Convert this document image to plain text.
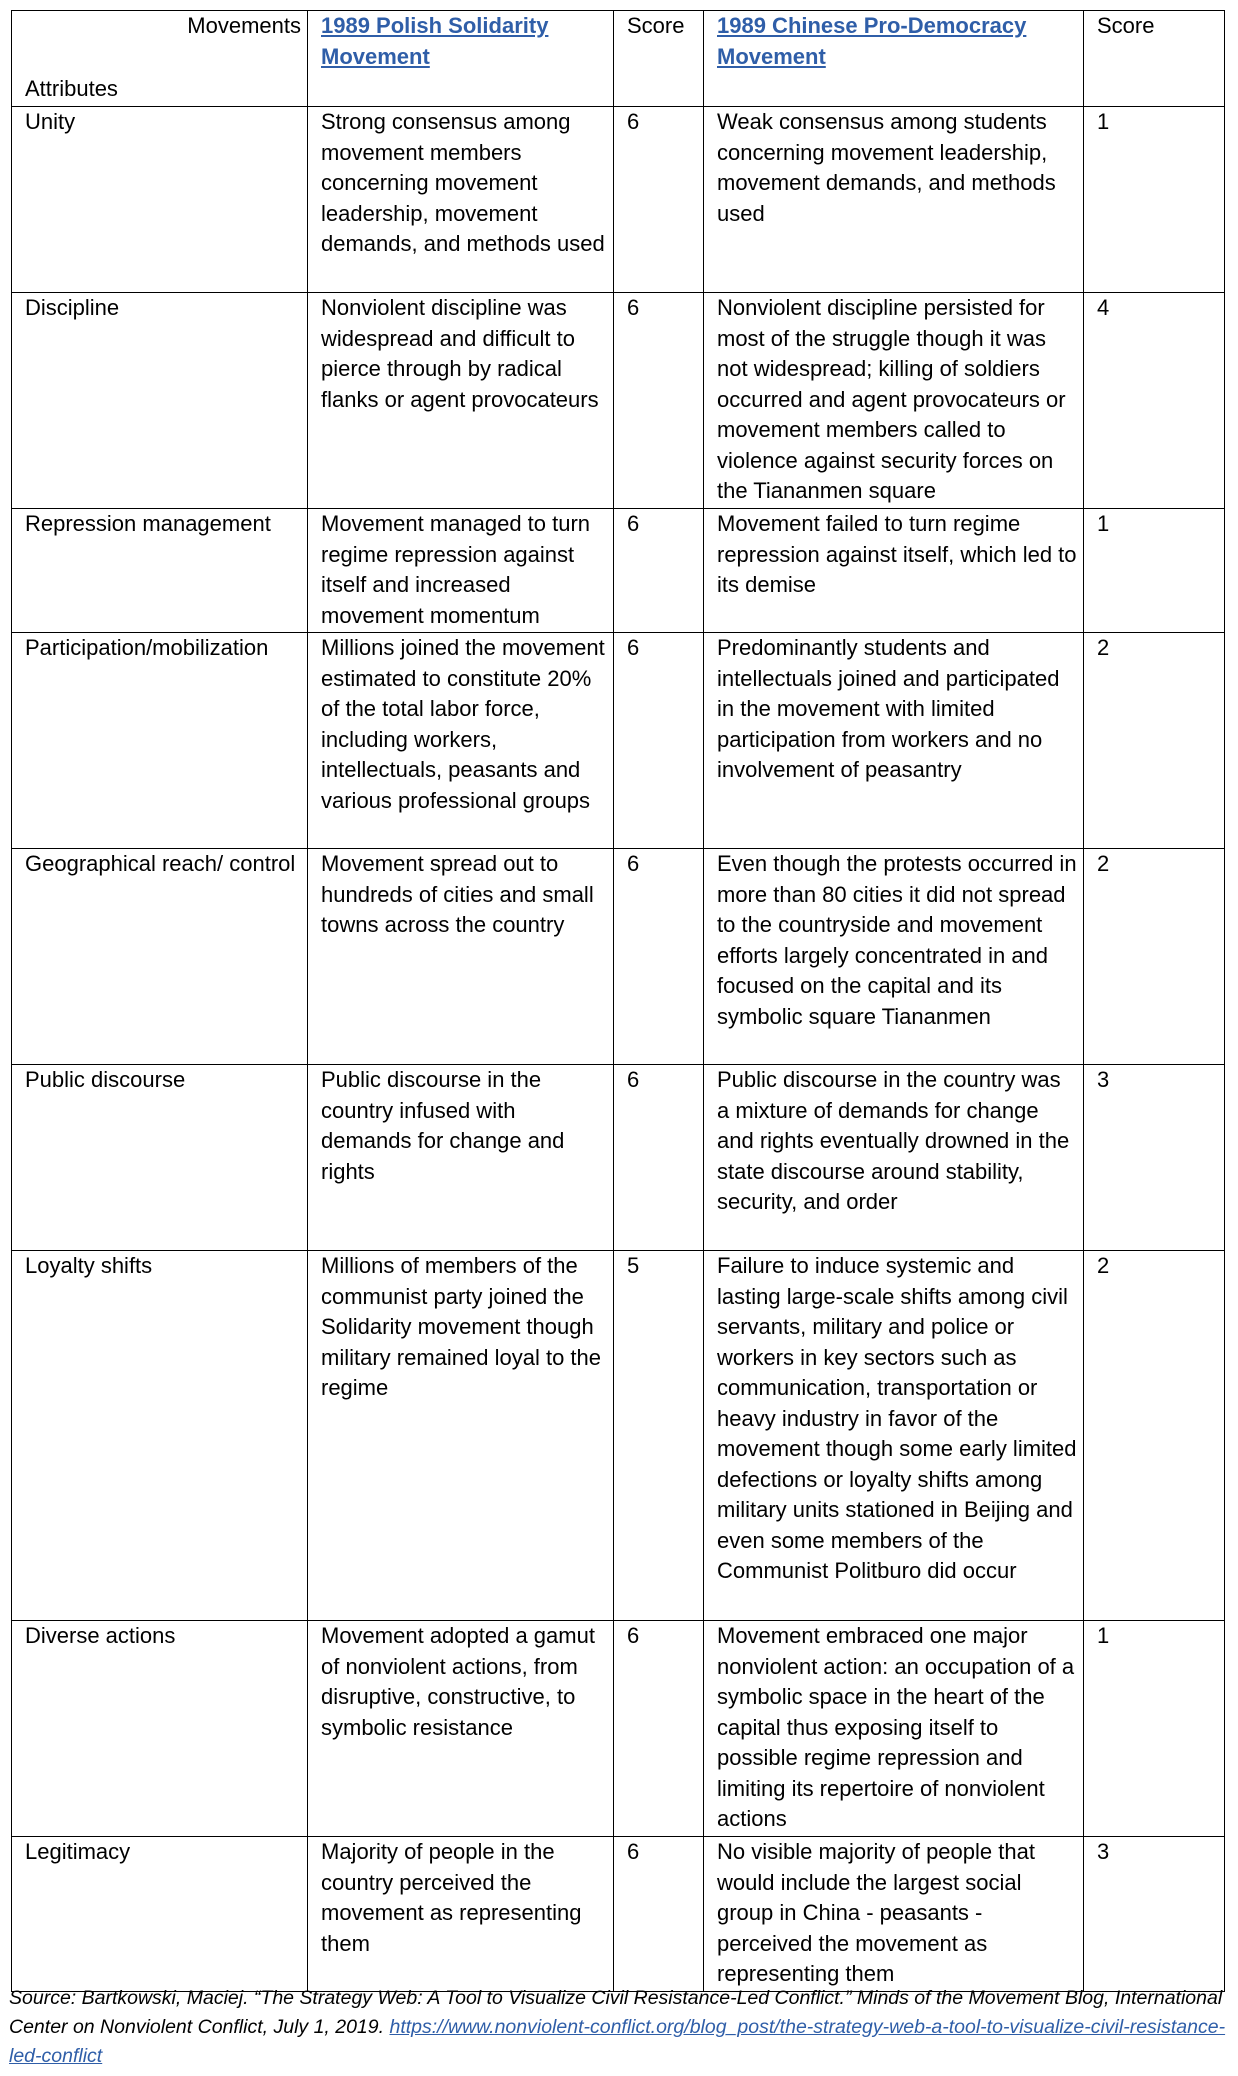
Movements
Attributes	1989 Polish Solidarity Movement	Score	1989 Chinese Pro-Democracy Movement	Score

Unity	Strong consensus among movement members concerning movement leadership, movement demands, and methods used	6	Weak consensus among students concerning movement leadership, movement demands, and methods used	1
Discipline	Nonviolent discipline was widespread and difficult to pierce through by radical flanks or agent provocateurs	6	Nonviolent discipline persisted for most of the struggle though it was not widespread; killing of soldiers occurred and agent provocateurs or movement members called to violence against security forces on the Tiananmen square	4
Repression management	Movement managed to turn regime repression against itself and increased movement momentum	6	Movement failed to turn regime repression against itself, which led to its demise	1
Participation/mobilization	Millions joined the movement estimated to constitute 20% of the total labor force, including workers, intellectuals, peasants and various professional groups	6	Predominantly students and intellectuals joined and participated in the movement with limited participation from workers and no involvement of peasantry	2
Geographical reach/ control	Movement spread out to hundreds of cities and small towns across the country	6	Even though the protests occurred in more than 80 cities it did not spread to the countryside and movement efforts largely concentrated in and focused on the capital and its symbolic square Tiananmen	2
Public discourse	Public discourse in the country infused with demands for change and rights	6	Public discourse in the country was a mixture of demands for change and rights eventually drowned in the state discourse around stability, security, and order	3
Loyalty shifts	Millions of members of the communist party joined the Solidarity movement though military remained loyal to the regime	5	Failure to induce systemic and lasting large-scale shifts among civil servants, military and police or workers in key sectors such as communication, transportation or heavy industry in favor of the movement though some early limited defections or loyalty shifts among military units stationed in Beijing and even some members of the Communist Politburo did occur	2
Diverse actions	Movement adopted a gamut of nonviolent actions, from disruptive, constructive, to symbolic resistance	6	Movement embraced one major nonviolent action: an occupation of a symbolic space in the heart of the capital thus exposing itself to possible regime repression and limiting its repertoire of nonviolent actions	1
Legitimacy	Majority of people in the country perceived the movement as representing them	6	No visible majority of people that would include the largest social group in China - peasants - perceived the movement as representing them	3
Source: Bartkowski, Maciej. “The Strategy Web: A Tool to Visualize Civil Resistance-Led Conflict.” Minds of the Movement Blog, International Center on Nonviolent Conflict, July 1, 2019. https://www.nonviolent-conflict.org/blog_post/the-strategy-web-a-tool-to-visualize-civil-resistance-led-conflict
